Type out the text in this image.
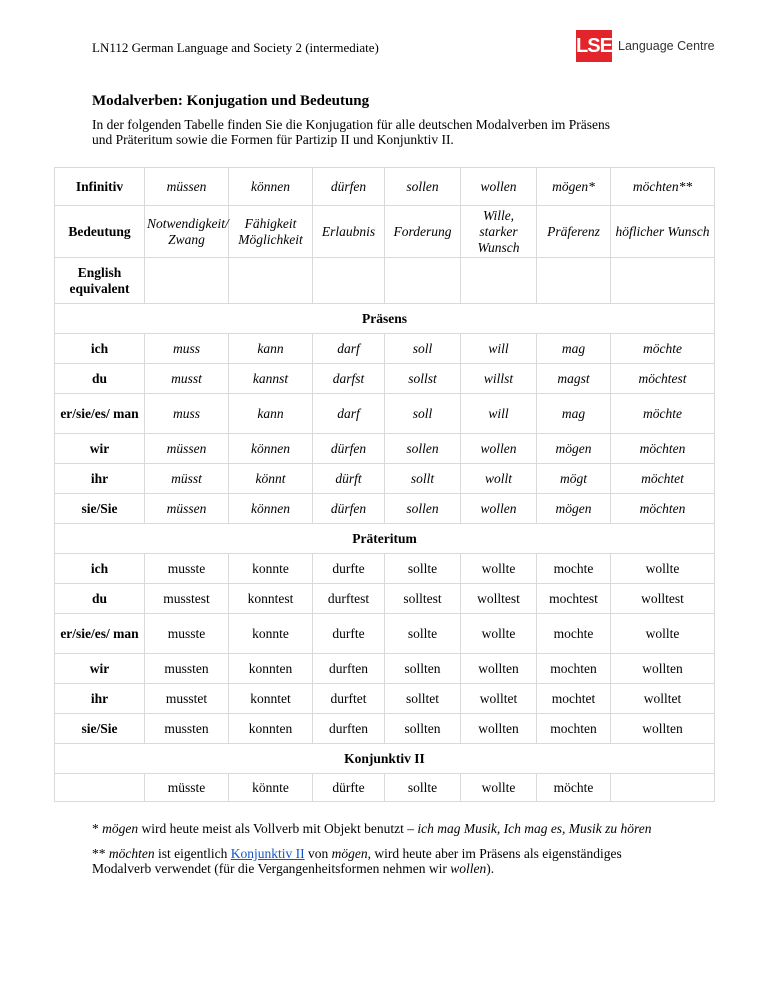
LN112 German Language and Society 2 (intermediate)	LSE Language Centre
Modalverben: Konjugation und Bedeutung
In der folgenden Tabelle finden Sie die Konjugation für alle deutschen Modalverben im Präsens und Präteritum sowie die Formen für Partizip II und Konjunktiv II.
Infinitiv	müssen	können	dürfen	sollen	wollen	mögen*	möchten**
Bedeutung	Notwendigkeit/ Zwang	Fähigkeit Möglichkeit	Erlaubnis	Forderung	Wille, starker Wunsch	Präferenz	höflicher Wunsch
English equivalent							
Präsens							
ich	muss	kann	darf	soll	will	mag	möchte
du	musst	kannst	darfst	sollst	willst	magst	möchtest
er/sie/es/ man	muss	kann	darf	soll	will	mag	möchte
wir	müssen	können	dürfen	sollen	wollen	mögen	möchten
ihr	müsst	könnt	dürft	sollt	wollt	mögt	möchtet
sie/Sie	müssen	können	dürfen	sollen	wollen	mögen	möchten
Präteritum							
ich	musste	konnte	durfte	sollte	wollte	mochte	wollte
du	musstest	konntest	durftest	solltest	wolltest	mochtest	wolltest
er/sie/es/ man	musste	konnte	durfte	sollte	wollte	mochte	wollte
wir	mussten	konnten	durften	sollten	wollten	mochten	wollten
ihr	musstet	konntet	durftet	solltet	wolltet	mochtet	wolltet
sie/Sie	mussten	konnten	durften	sollten	wollten	mochten	wollten
Konjunktiv II							
	müsste	könnte	dürfte	sollte	wollte	möchte	

* mögen wird heute meist als Vollverb mit Objekt benutzt – ich mag Musik, Ich mag es, Musik zu hören

** möchten ist eigentlich Konjunktiv II von mögen, wird heute aber im Präsens als eigenständiges Modalverb verwendet (für die Vergangenheitsformen nehmen wir wollen).
